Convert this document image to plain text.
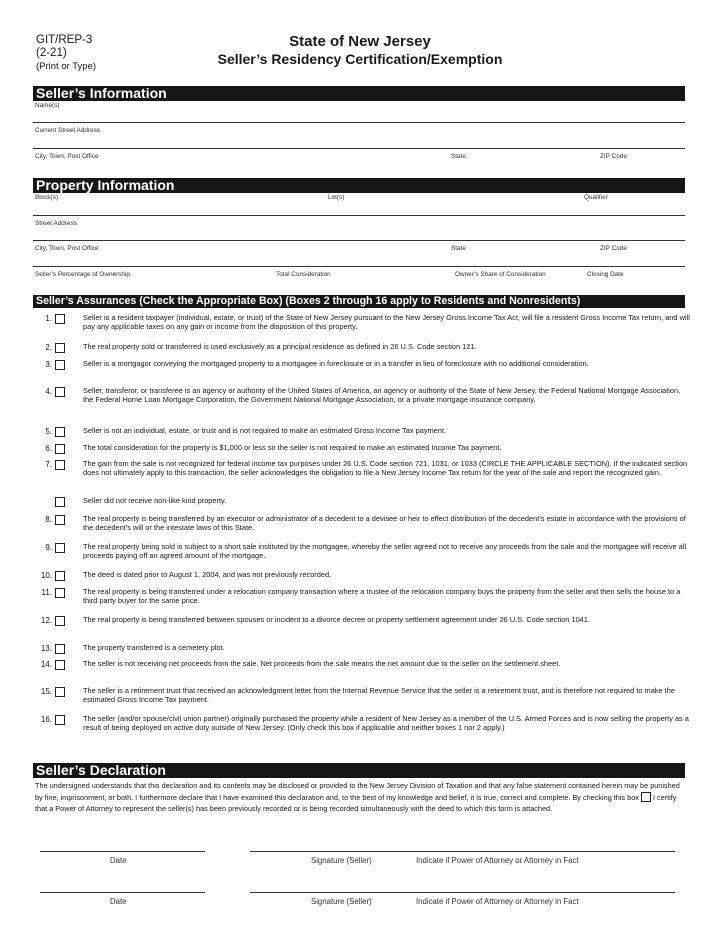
GIT/REP-3
(2-21)
(Print or Type)
State of New Jersey
Seller’s Residency Certification/Exemption
Seller’s Information
Name(s)
Current Street Address
City, Town, Post Office	State	ZIP Code
Property Information
Block(s)	Lot(s)	Qualifier
Street Address
City, Town, Post Office	State	ZIP Code
Seller’s Percentage of Ownership	Total Consideration	Owner’s Share of Consideration	Closing Date
Seller’s Assurances (Check the Appropriate Box) (Boxes 2 through 16 apply to Residents and Nonresidents)
1.	Seller is a resident taxpayer (individual, estate, or trust) of the State of New Jersey pursuant to the New Jersey Gross Income Tax Act, will file a resident Gross Income Tax return, and will pay any applicable taxes on any gain or income from the disposition of this property.
2.	The real property sold or transferred is used exclusively as a principal residence as defined in 26 U.S. Code section 121.
3.	Seller is a mortgagor conveying the mortgaged property to a mortgagee in foreclosure or in a transfer in lieu of foreclosure with no additional consideration.
4.	Seller, transferor, or transferee is an agency or authority of the United States of America, an agency or authority of the State of New Jersey, the Federal National Mortgage Association, the Federal Home Loan Mortgage Corporation, the Government National Mortgage Association, or a private mortgage insurance company.
5.	Seller is not an individual, estate, or trust and is not required to make an estimated Gross Income Tax payment.
6.	The total consideration for the property is $1,000 or less so the seller is not required to make an estimated Income Tax payment.
7.	The gain from the sale is not recognized for federal income tax purposes under 26 U.S. Code section 721, 1031, or 1033 (CIRCLE THE APPLICABLE SECTION). If the indicated section does not ultimately apply to this transaction, the seller acknowledges the obligation to file a New Jersey Income Tax return for the year of the sale and report the recognized gain.
Seller did not receive non-like kind property.
8.	The real property is being transferred by an executor or administrator of a decedent to a devisee or heir to effect distribution of the decedent’s estate in accordance with the provisions of the decedent’s will or the intestate laws of this State.
9.	The real property being sold is subject to a short sale instituted by the mortgagee, whereby the seller agreed not to receive any proceeds from the sale and the mortgagee will receive all proceeds paying off an agreed amount of the mortgage.
10.	The deed is dated prior to August 1, 2004, and was not previously recorded.
11.	The real property is being transferred under a relocation company transaction where a trustee of the relocation company buys the property from the seller and then sells the house to a third party buyer for the same price.
12.	The real property is being transferred between spouses or incident to a divorce decree or property settlement agreement under 26 U.S. Code section 1041.
13.	The property transferred is a cemetery plot.
14.	The seller is not receiving net proceeds from the sale. Net proceeds from the sale means the net amount due to the seller on the settlement sheet.
15.	The seller is a retirement trust that received an acknowledgment letter from the Internal Revenue Service that the seller is a retirement trust, and is therefore not required to make the estimated Gross Income Tax payment.
16.	The seller (and/or spouse/civil union partner) originally purchased the property while a resident of New Jersey as a member of the U.S. Armed Forces and is now selling the property as a result of being deployed on active duty outside of New Jersey. (Only check this box if applicable and neither boxes 1 nor 2 apply.)
Seller’s Declaration
The undersigned understands that this declaration and its contents may be disclosed or provided to the New Jersey Division of Taxation and that any false statement contained herein may be punished by fine, imprisonment, or both. I furthermore declare that I have examined this declaration and, to the best of my knowledge and belief, it is true, correct and complete. By checking this box I certify that a Power of Attorney to represent the seller(s) has been previously recorded or is being recorded simultaneously with the deed to which this form is attached.
Date	Signature (Seller)	Indicate if Power of Attorney or Attorney in Fact
Date	Signature (Seller)	Indicate if Power of Attorney or Attorney in Fact
